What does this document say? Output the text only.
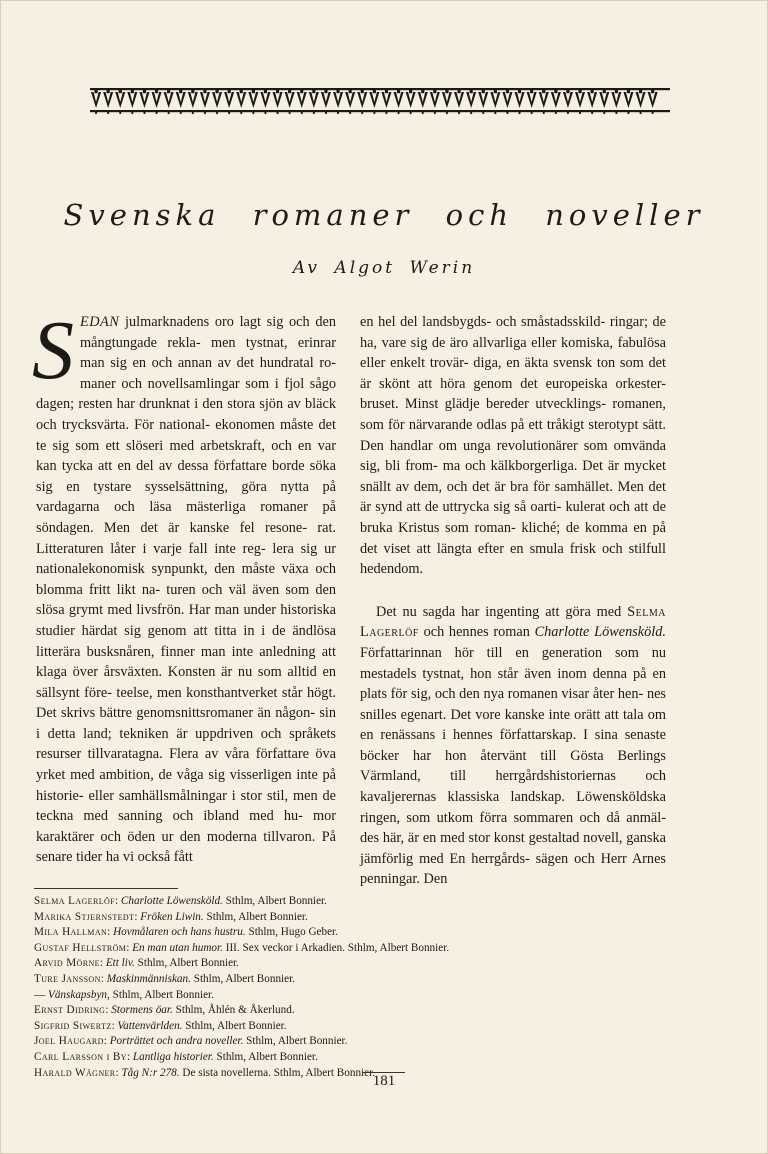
Svenska romaner och noveller
Av Algot Werin

SEDAN julmarknadens oro lagt sig och den mångtungade rekla- men tystnat, erinrar man sig en och annan av det hundratal ro- maner och novellsamlingar som i fjol sågo dagen; resten har drunknat i den stora sjön av bläck och trycksvärta. För national- ekonomen måste det te sig som ett slöseri med arbetskraft, och en var kan tycka att en del av dessa författare borde söka sig en tystare sysselsättning, göra nytta på vardagarna och läsa mästerliga romaner på söndagen. Men det är kanske fel resone- rat. Litteraturen låter i varje fall inte reg- lera sig ur nationalekonomisk synpunkt, den måste växa och blomma fritt likt na- turen och väl även som den slösa grymt med livsfrön. Har man under historiska studier härdat sig genom att titta in i de ändlösa litterära busksnåren, finner man inte anledning att klaga över årsväxten. Konsten är nu som alltid en sällsynt före- teelse, men konsthantverket står högt. Det skrivs bättre genomsnittsromaner än någon- sin i detta land; tekniken är uppdriven och språkets resurser tillvaratagna. Flera av våra författare öva yrket med ambition, de våga sig visserligen inte på historie- eller samhällsmålningar i stor stil, men de teckna med sanning och ibland med hu- mor karaktärer och öden ur den moderna tillvaron. På senare tider ha vi också fått

en hel del landsbygds- och småstadsskild- ringar; de ha, vare sig de äro allvarliga eller komiska, fabulösa eller enkelt trovär- diga, en äkta svensk ton som det är skönt att höra genom det europeiska orkester- bruset. Minst glädje bereder utvecklings- romanen, som för närvarande odlas på ett tråkigt sterotypt sätt. Den handlar om unga revolutionärer som omvända sig, bli from- ma och kälkborgerliga. Det är mycket snällt av dem, och det är bra för samhället. Men det är synd att de uttrycka sig så oarti- kulerat och att de bruka Kristus som roman- kliché; de komma en på det viset att längta efter en smula frisk och stilfull hedendom.

Det nu sagda har ingenting att göra med Selma Lagerlöf och hennes roman Charlotte Löwensköld. Författarinnan hör till en generation som nu mestadels tystnat, hon står även inom denna på en plats för sig, och den nya romanen visar åter hen- nes snilles egenart. Det vore kanske inte orätt att tala om en renässans i hennes författarskap. I sina senaste böcker har hon återvänt till Gösta Berlings Värmland, till herrgårdshistoriernas och kavaljerernas klassiska landskap. Löwensköldska ringen, som utkom förra sommaren och då anmäl- des här, är en med stor konst gestaltad novell, ganska jämförlig med En herrgårds- sägen och Herr Arnes penningar. Den

Selma Lagerlöf: Charlotte Löwensköld. Sthlm, Albert Bonnier.
Marika Stjernstedt: Fröken Liwin. Sthlm, Albert Bonnier.
Mila Hallman: Hovmålaren och hans hustru. Sthlm, Hugo Geber.
Gustaf Hellström: En man utan humor. III. Sex veckor i Arkadien. Sthlm, Albert Bonnier.
Arvid Mörne: Ett liv. Sthlm, Albert Bonnier.
Ture Jansson: Maskinmänniskan. Sthlm, Albert Bonnier.
— Vänskapsbyn, Sthlm, Albert Bonnier.
Ernst Didring: Stormens öar. Sthlm, Åhlén & Åkerlund.
Sigfrid Siwertz: Vattenvärlden. Sthlm, Albert Bonnier.
Joel Haugard: Porträttet och andra noveller. Sthlm, Albert Bonnier.
Carl Larsson i By: Lantliga historier. Sthlm, Albert Bonnier.
Harald Wägner: Tåg N:r 278. De sista novellerna. Sthlm, Albert Bonnier.
181
